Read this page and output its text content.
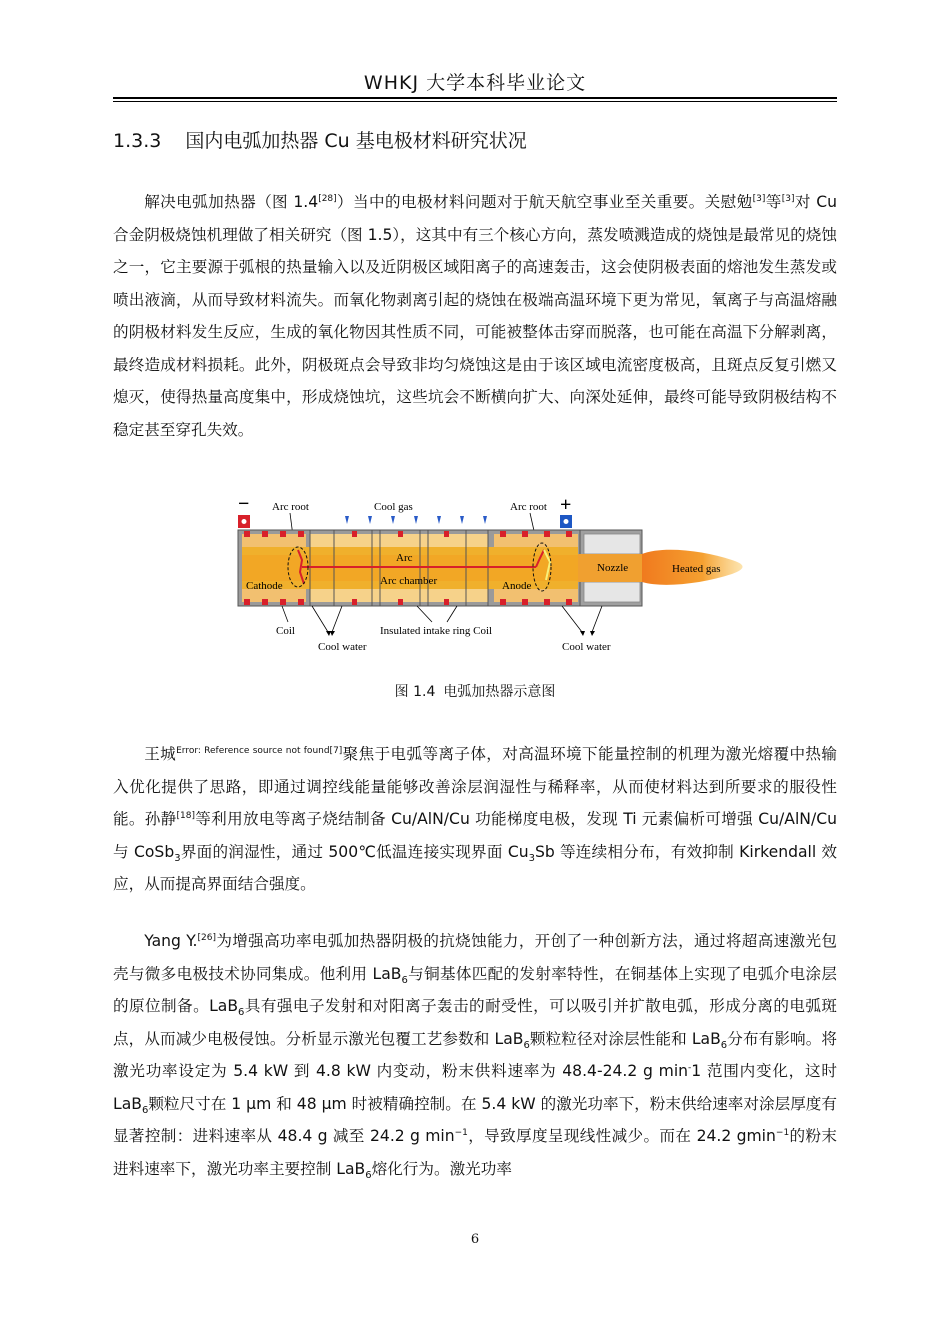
WHKJ 大学本科毕业论文
1.3.3 国内电弧加热器 Cu 基电极材料研究状况

解决电弧加热器（图 1.4[28]）当中的电极材料问题对于航天航空事业至关重要。关慰勉[3]等[3]对 Cu 合金阴极烧蚀机理做了相关研究（图 1.5），这其中有三个核心方向，蒸发喷溅造成的烧蚀是最常见的烧蚀之一，它主要源于弧根的热量输入以及近阴极区域阳离子的高速轰击，这会使阴极表面的熔池发生蒸发或喷出液滴，从而导致材料流失。而氧化物剥离引起的烧蚀在极端高温环境下更为常见，氧离子与高温熔融的阴极材料发生反应，生成的氧化物因其性质不同，可能被整体击穿而脱落，也可能在高温下分解剥离，最终造成材料损耗。此外，阴极斑点会导致非均匀烧蚀这是由于该区域电流密度极高，且斑点反复引燃又熄灭，使得热量高度集中，形成烧蚀坑，这些坑会不断横向扩大、向深处延伸，最终可能导致阴极结构不稳定甚至穿孔失效。

−	+
Arc root	Cool gas	Arc root
Arc
Arc chamber
Cathode	Anode
Nozzle	Heated gas
Coil	Insulated intake ring Coil
Cool water	Cool water
图 1.4 电弧加热器示意图

王城$^{Error: Reference source not found[7]}$聚焦于电弧等离子体，对高温环境下能量控制的机理为激光熔覆中热输入优化提供了思路，即通过调控线能量能够改善涂层润湿性与稀释率，从而使材料达到所要求的服役性能。孙静[18]等利用放电等离子烧结制备 Cu/AlN/Cu 功能梯度电极，发现 Ti 元素偏析可增强 Cu/AlN/Cu 与 CoSb$_3$界面的润湿性，通过 500℃低温连接实现界面 $Cu_3Sb$ 等连续相分布，有效抑制 Kirkendall 效应，从而提高界面结合强度。

Yang Y.[26]为增强高功率电弧加热器阴极的抗烧蚀能力，开创了一种创新方法，通过将超高速激光包壳与微多电极技术协同集成。他利用 LaB$_6$与铜基体匹配的发射率特性，在铜基体上实现了电弧介电涂层的原位制备。LaB$_6$具有强电子发射和对阳离子轰击的耐受性，可以吸引并扩散电弧，形成分离的电弧斑点，从而减少电极侵蚀。分析显示激光包覆工艺参数和 LaB$_6$颗粒粒径对涂层性能和 LaB$_6$分布有影响。将激光功率设定为 5.4 kW 到 4.8 kW 内变动，粉末供料速率为 48.4-24.2 g min-1 范围内变化，这时 LaB$_6$颗粒尺寸在 1 μm 和 48 μm 时被精确控制。在 5.4 kW 的激光功率下，粉末供给速率对涂层厚度有显著控制：进料速率从 48.4 g 减至 24.2 g $\min^{-1}$，导致厚度呈现线性减少。而在 24.2 gmin$^{-1}$的粉末进料速率下，激光功率主要控制 LaB$_6$熔化行为。激光功率

6
